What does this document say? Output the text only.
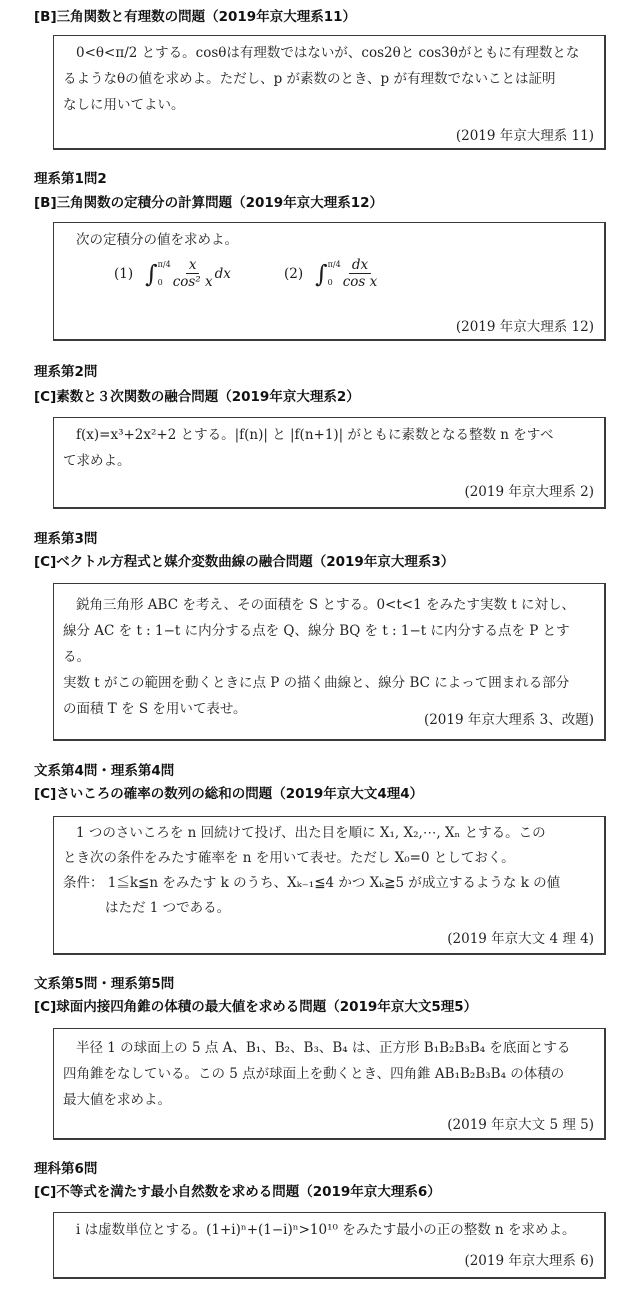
[B]三角関数と有理数の問題（2019年京大理系11）
0<θ<π/2 とする。cosθは有理数ではないが、cos2θと cos3θがともに有理数とな
るようなθの値を求めよ。ただし、p が素数のとき、p が有理数でないことは証明
なしに用いてよい。
(2019 年京大理系 11)
理系第1問2
[B]三角関数の定積分の計算問題（2019年京大理系12）
次の定積分の値を求めよ。
(1) ∫ π/4
$0 \frac{x}{\text{cos² x}}$ dx	(2) ∫ π/4
$0 \frac{dx}{\text{cos x}}$
(2019 年京大理系 12)
理系第2問
[C]素数と３次関数の融合問題（2019年京大理系2）
f(x)=x³+2x²+2 とする。|f(n)| と |f(n+1)| がともに素数となる整数 n をすべ
て求めよ。
(2019 年京大理系 2)
理系第3問
[C]ベクトル方程式と媒介変数曲線の融合問題（2019年京大理系3）
鋭角三角形 ABC を考え、その面積を S とする。0<t<1 をみたす実数 t に対し、
線分 AC を t : 1−t に内分する点を Q、線分 BQ を t : 1−t に内分する点を P とする。
実数 t がこの範囲を動くときに点 P の描く曲線と、線分 BC によって囲まれる部分
の面積 T を S を用いて表せ。
(2019 年京大理系 3、改題)
文系第4問・理系第4問
[C]さいころの確率の数列の総和の問題（2019年京大文4理4）
1 つのさいころを n 回続けて投げ、出た目を順に X₁, X₂,⋯, Xₙ とする。この
とき次の条件をみたす確率を n を用いて表せ。ただし X₀=0 としておく。
条件： 1≦k≦n をみたす k のうち、Xₖ₋₁≦4 かつ Xₖ≧5 が成立するような k の値
はただ 1 つである。
(2019 年京大文 4 理 4)
文系第5問・理系第5問
[C]球面内接四角錐の体積の最大値を求める問題（2019年京大文5理5）
半径 1 の球面上の 5 点 A、B₁、B₂、B₃、B₄ は、正方形 B₁B₂B₃B₄ を底面とする
四角錐をなしている。この 5 点が球面上を動くとき、四角錐 AB₁B₂B₃B₄ の体積の
最大値を求めよ。
(2019 年京大文 5 理 5)
理科第6問
[C]不等式を満たす最小自然数を求める問題（2019年京大理系6）
i は虚数単位とする。(1+i)ⁿ+(1−i)ⁿ>10¹⁰ をみたす最小の正の整数 n を求めよ。
(2019 年京大理系 6)
